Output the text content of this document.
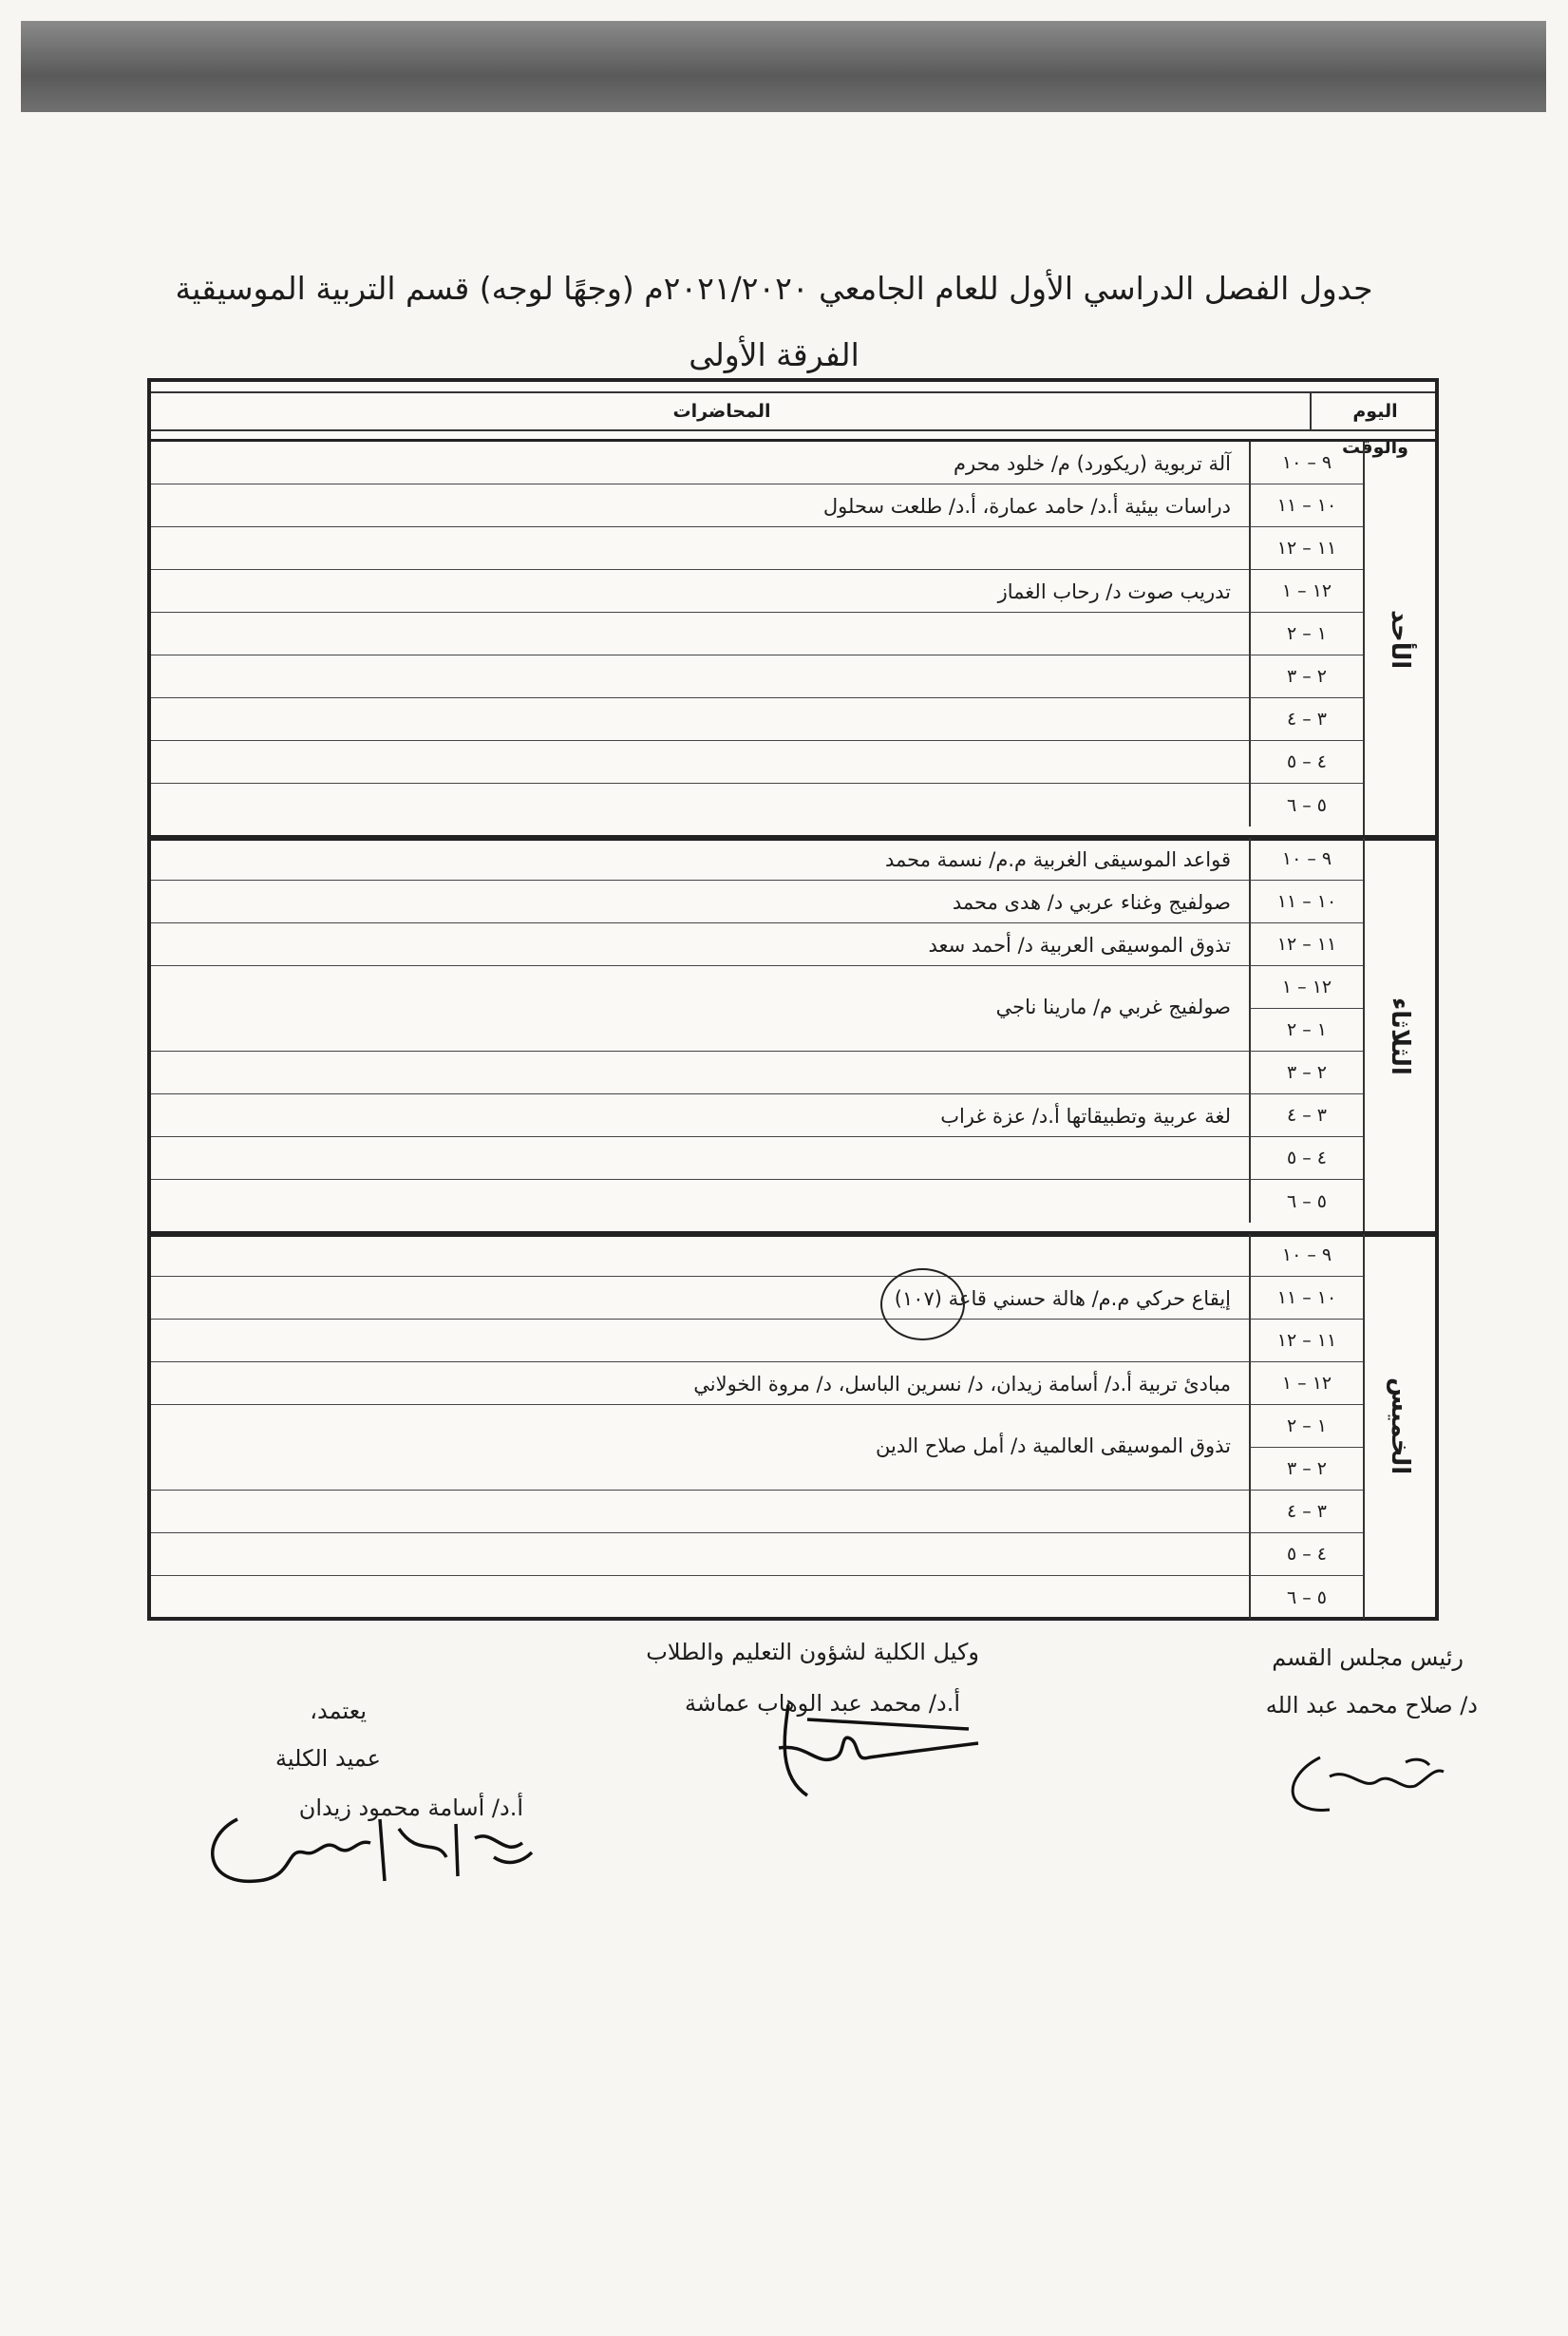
جدول الفصل الدراسي الأول للعام الجامعي ٢٠٢١/٢٠٢٠م (وجهًا لوجه) قسم التربية الموسيقية
الفرقة الأولى
اليوم والوقت
المحاضرات
الأحد
٩ – ١٠
١٠ – ١١
١١ – ١٢
١٢ – ١
١ – ٢
٢ – ٣
٣ – ٤
٤ – ٥
٥ – ٦
آلة تربوية (ريكورد) م/ خلود محرم
دراسات بيئية أ.د/ حامد عمارة، أ.د/ طلعت سحلول
تدريب صوت د/ رحاب الغماز
الثلاثاء
٩ – ١٠
١٠ – ١١
١١ – ١٢
١٢ – ١
١ – ٢
٢ – ٣
٣ – ٤
٤ – ٥
٥ – ٦
قواعد الموسيقى الغربية م.م/ نسمة محمد
صولفيج وغناء عربي د/ هدى محمد
تذوق الموسيقى العربية د/ أحمد سعد
صولفيج غربي م/ مارينا ناجي
لغة عربية وتطبيقاتها أ.د/ عزة غراب
الخميس
٩ – ١٠
١٠ – ١١
١١ – ١٢
١٢ – ١
١ – ٢
٢ – ٣
٣ – ٤
٤ – ٥
٥ – ٦
إيقاع حركي م.م/ هالة حسني قاعة (١٠٧)
مبادئ تربية أ.د/ أسامة زيدان، د/ نسرين الباسل، د/ مروة الخولاني
تذوق الموسيقى العالمية د/ أمل صلاح الدين
رئيس مجلس القسم
د/ صلاح محمد عبد الله
وكيل الكلية لشؤون التعليم والطلاب
أ.د/ محمد عبد الوهاب عماشة
يعتمد،
عميد الكلية
أ.د/ أسامة محمود زيدان
